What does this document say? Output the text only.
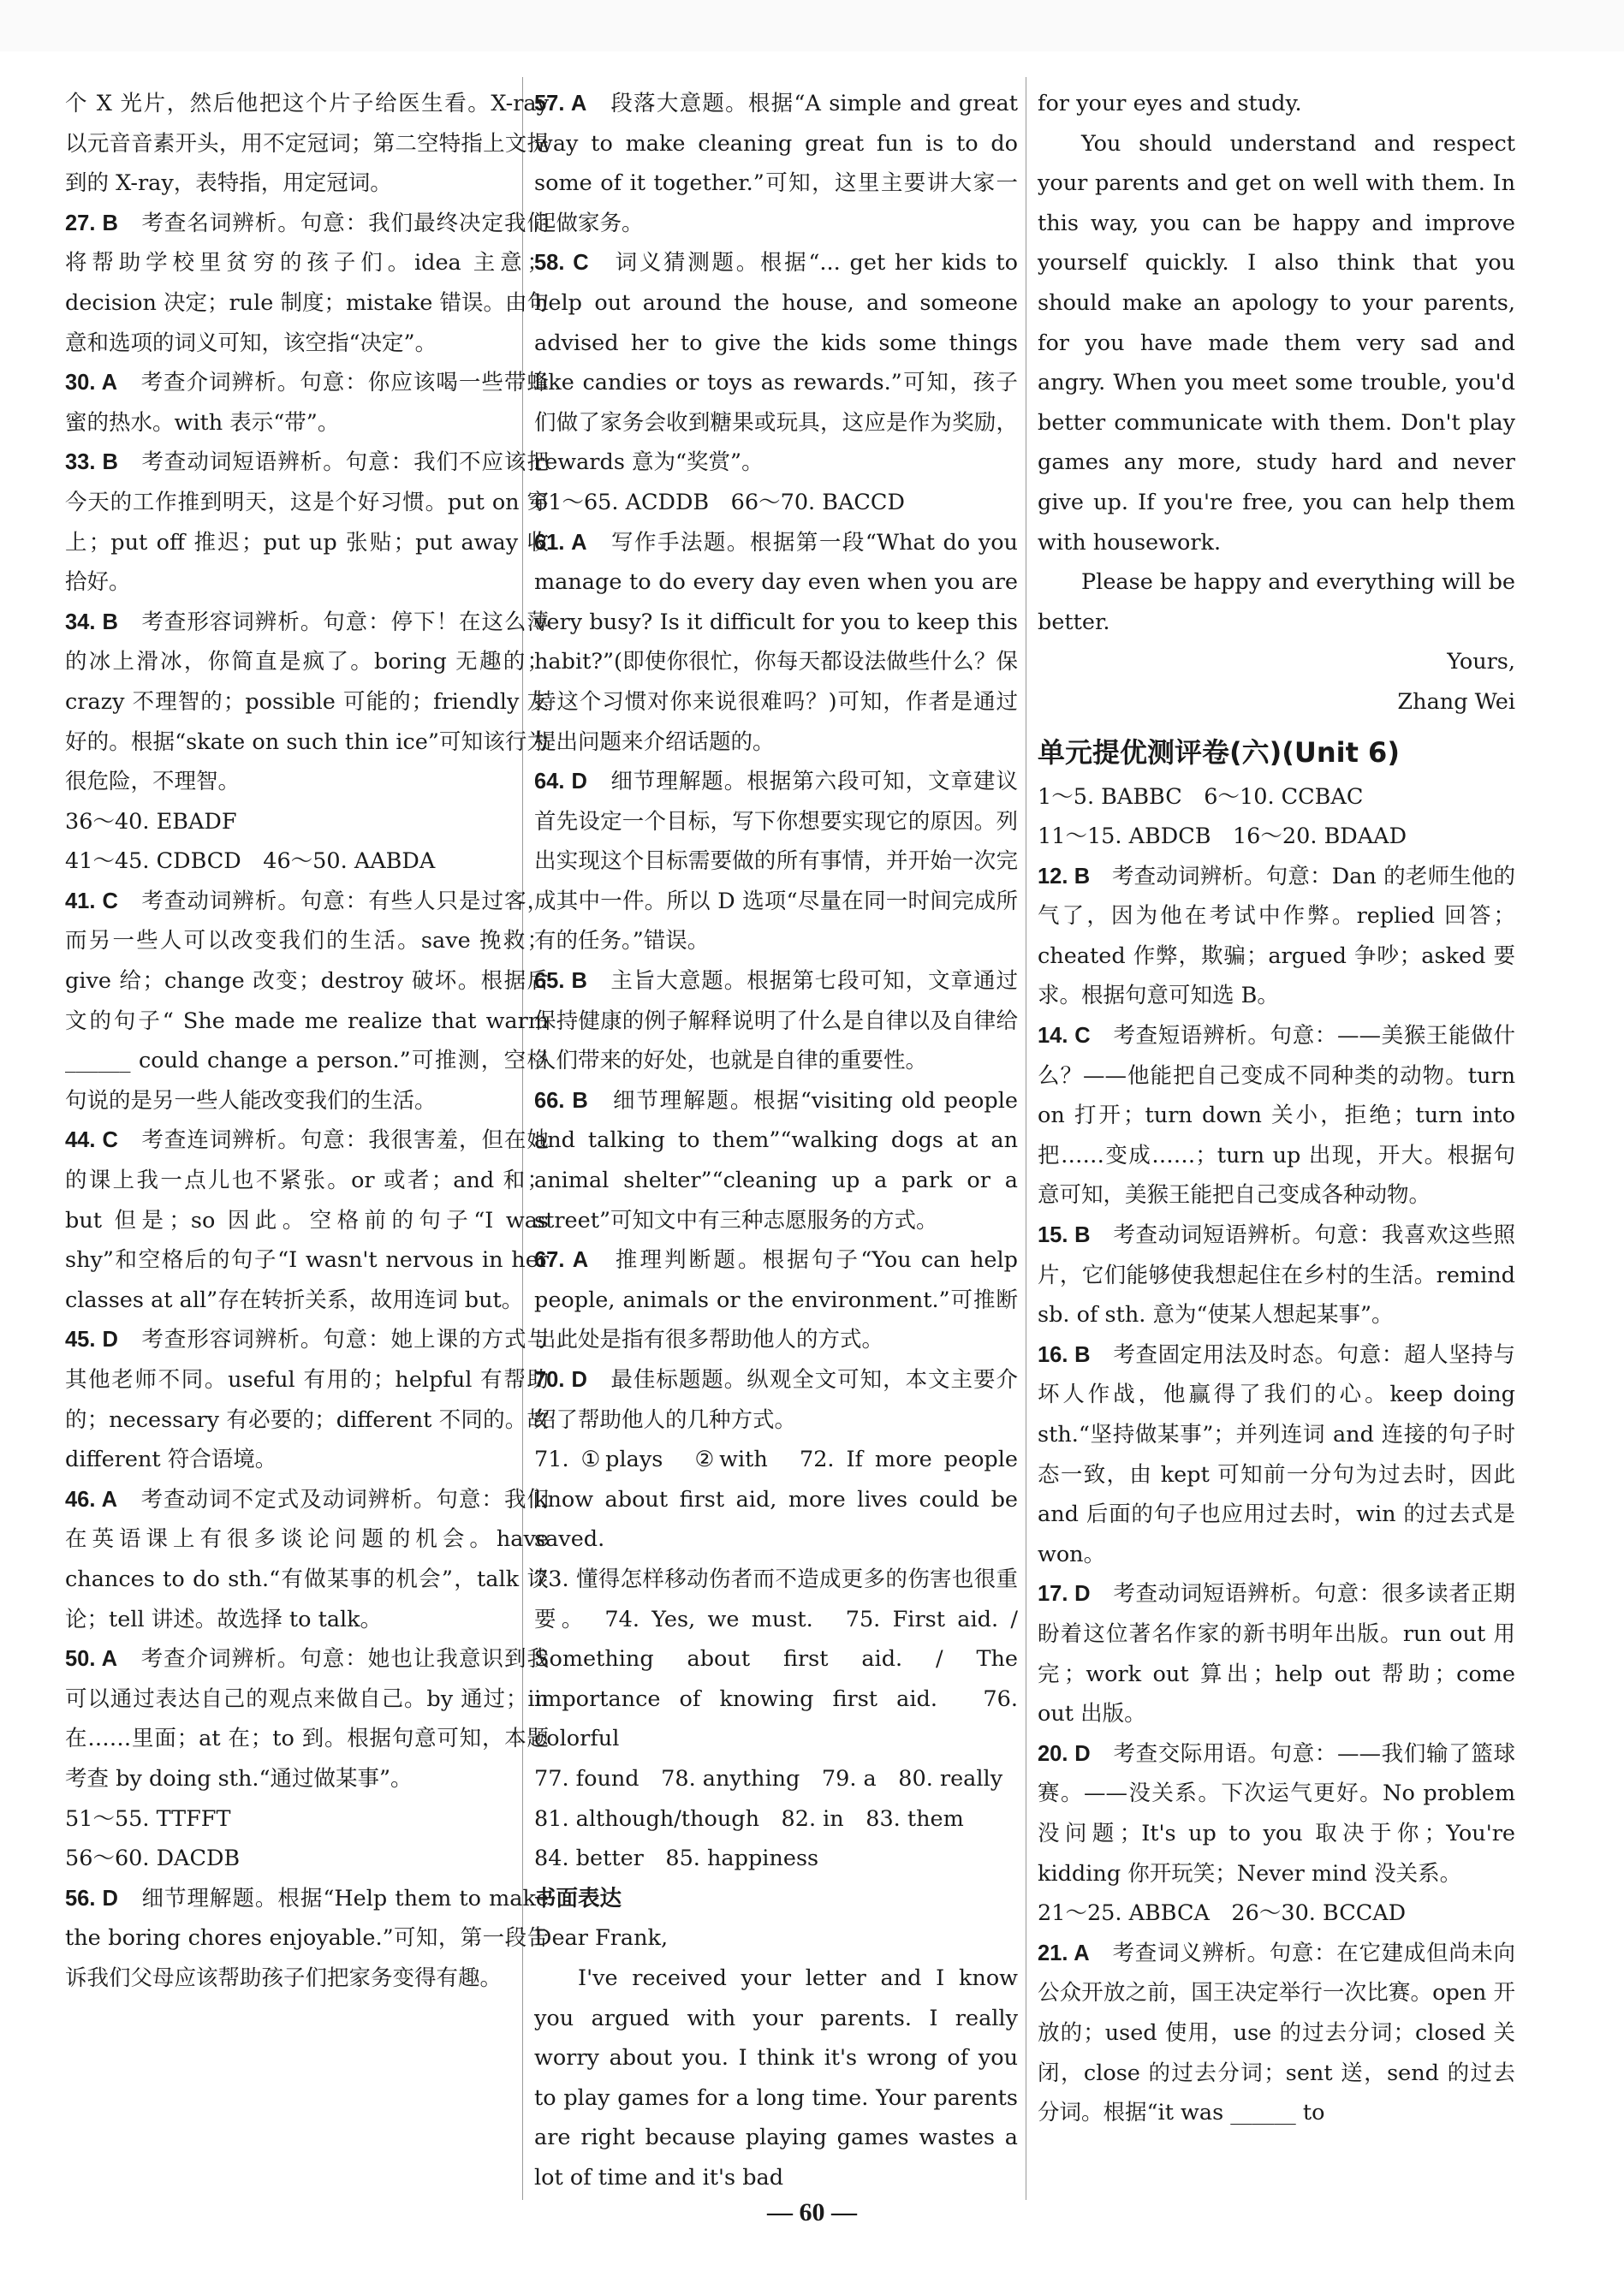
个 X 光片，然后他把这个片子给医生看。X-ray 以元音音素开头，用不定冠词；第二空特指上文提到的 X-ray，表特指，用定冠词。

27. B　 考查名词辨析。句意：我们最终决定我们将帮助学校里贫穷的孩子们。idea 主意；decision 决定；rule 制度；mistake 错误。由句意和选项的词义可知，该空指“决定”。

30. A　 考查介词辨析。句意：你应该喝一些带蜂蜜的热水。with 表示“带”。

33. B　 考查动词短语辨析。句意：我们不应该把今天的工作推到明天，这是个好习惯。put on 穿上；put off 推迟；put up 张贴；put away 收拾好。

34. B　 考查形容词辨析。句意：停下！在这么薄的冰上滑冰，你简直是疯了。boring 无趣的；crazy 不理智的；possible 可能的；friendly 友好的。根据“skate on such thin ice”可知该行为很危险，不理智。

36～40. EBADF

41～45. CDBCD　46～50. AABDA

41. C　 考查动词辨析。句意：有些人只是过客，而另一些人可以改变我们的生活。save 挽救；give 给；change 改变；destroy 破坏。根据后文的句子“ She made me realize that warm ______ could change a person.”可推测，空格句说的是另一些人能改变我们的生活。

44. C　 考查连词辨析。句意：我很害羞，但在她的课上我一点儿也不紧张。or 或者；and 和；but 但是；so 因此。空格前的句子“I was shy”和空格后的句子“I wasn't nervous in her classes at all”存在转折关系，故用连词 but。

45. D　 考查形容词辨析。句意：她上课的方式与其他老师不同。useful 有用的；helpful 有帮助的；necessary 有必要的；different 不同的。故 different 符合语境。

46. A　 考查动词不定式及动词辨析。句意：我们在英语课上有很多谈论问题的机会。have chances to do sth.“有做某事的机会”，talk 谈论；tell 讲述。故选择 to talk。

50. A　 考查介词辨析。句意：她也让我意识到我可以通过表达自己的观点来做自己。by 通过；in 在……里面；at 在；to 到。根据句意可知，本题考查 by doing sth.“通过做某事”。

51～55. TTFFT

56～60. DACDB

56. D　 细节理解题。根据“Help them to make the boring chores enjoyable.”可知，第一段告诉我们父母应该帮助孩子们把家务变得有趣。

57. A　 段落大意题。根据“A simple and great way to make cleaning great fun is to do some of it together.”可知，这里主要讲大家一起做家务。

58. C　 词义猜测题。根据“... get her kids to help out around the house, and someone advised her to give the kids some things like candies or toys as rewards.”可知，孩子们做了家务会收到糖果或玩具，这应是作为奖励，rewards 意为“奖赏”。

61～65. ACDDB　66～70. BACCD

61. A　 写作手法题。根据第一段“What do you manage to do every day even when you are very busy? Is it difficult for you to keep this habit?”(即使你很忙，你每天都设法做些什么？保持这个习惯对你来说很难吗？)可知，作者是通过提出问题来介绍话题的。

64. D　 细节理解题。根据第六段可知，文章建议首先设定一个目标，写下你想要实现它的原因。列出实现这个目标需要做的所有事情，并开始一次完成其中一件。所以 D 选项“尽量在同一时间完成所有的任务。”错误。

65. B　 主旨大意题。根据第七段可知，文章通过保持健康的例子解释说明了什么是自律以及自律给人们带来的好处，也就是自律的重要性。

66. B　 细节理解题。根据“visiting old people and talking to them”“walking dogs at an animal shelter”“cleaning up a park or a street”可知文中有三种志愿服务的方式。

67. A　 推理判断题。根据句子“You can help people, animals or the environment.”可推断出此处是指有很多帮助他人的方式。

70. D　 最佳标题题。纵观全文可知，本文主要介绍了帮助他人的几种方式。

71. ①plays　②with　72. If more people know about first aid, more lives could be saved.

73. 懂得怎样移动伤者而不造成更多的伤害也很重要。　74. Yes, we must.　75. First aid. / Something about first aid. / The importance of knowing first aid.　76. colorful

77. found　78. anything　79. a　80. really

81. although/though　82. in　83. them

84. better　85. happiness

书面表达

Dear Frank,

I've received your letter and I know you argued with your parents. I really worry about you. I think it's wrong of you to play games for a long time. Your parents are right because playing games wastes a lot of time and it's bad

for your eyes and study.

You should understand and respect your parents and get on well with them. In this way, you can be happy and improve yourself quickly. I also think that you should make an apology to your parents, for you have made them very sad and angry. When you meet some trouble, you'd better communicate with them. Don't play games any more, study hard and never give up. If you're free, you can help them with housework.

Please be happy and everything will be better.

Yours,

Zhang Wei

单元提优测评卷(六)(Unit 6)

1～5. BABBC　6～10. CCBAC

11～15. ABDCB　16～20. BDAAD

12. B　 考查动词辨析。句意：Dan 的老师生他的气了，因为他在考试中作弊。replied 回答；cheated 作弊，欺骗；argued 争吵；asked 要求。根据句意可知选 B。

14. C　 考查短语辨析。句意：——美猴王能做什么？——他能把自己变成不同种类的动物。turn on 打开；turn down 关小，拒绝；turn into 把……变成……；turn up 出现，开大。根据句意可知，美猴王能把自己变成各种动物。

15. B　 考查动词短语辨析。句意：我喜欢这些照片，它们能够使我想起住在乡村的生活。remind sb. of sth. 意为“使某人想起某事”。

16. B　 考查固定用法及时态。句意：超人坚持与坏人作战，他赢得了我们的心。keep doing sth.“坚持做某事”；并列连词 and 连接的句子时态一致，由 kept 可知前一分句为过去时，因此 and 后面的句子也应用过去时，win 的过去式是 won。

17. D　 考查动词短语辨析。句意：很多读者正期盼着这位著名作家的新书明年出版。run out 用完；work out 算出；help out 帮助；come out 出版。

20. D　 考查交际用语。句意：——我们输了篮球赛。——没关系。下次运气更好。No problem 没问题；It's up to you 取决于你；You're kidding 你开玩笑；Never mind 没关系。

21～25. ABBCA　26～30. BCCAD

21. A　 考查词义辨析。句意：在它建成但尚未向公众开放之前，国王决定举行一次比赛。open 开放的；used 使用，use 的过去分词；closed 关闭，close 的过去分词；sent 送，send 的过去分词。根据“it was ______ to

— 60 —
